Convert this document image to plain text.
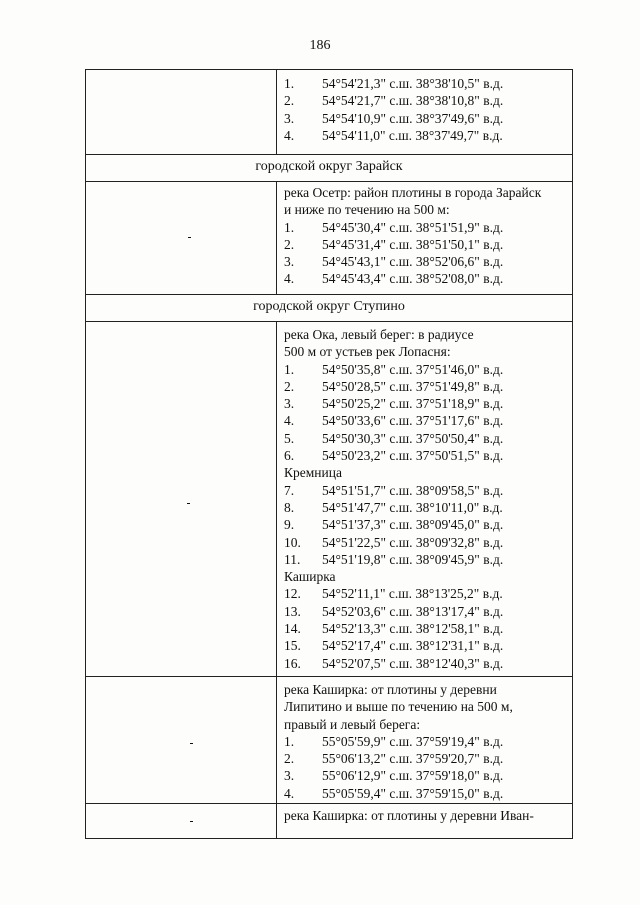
186
городской округ Зарайск
городской округ Ступино
1. 54°54'21,3" с.ш. 38°38'10,5" в.д.
2. 54°54'21,7" с.ш. 38°38'10,8" в.д.
3. 54°54'10,9" с.ш. 38°37'49,6" в.д.
4. 54°54'11,0" с.ш. 38°37'49,7" в.д.
река Осетр: район плотины в города Зарайск
и ниже по течению на 500 м:
1. 54°45'30,4" с.ш. 38°51'51,9" в.д.
2. 54°45'31,4" с.ш. 38°51'50,1" в.д.
3. 54°45'43,1" с.ш. 38°52'06,6" в.д.
4. 54°45'43,4" с.ш. 38°52'08,0" в.д.
река Ока, левый берег: в радиусе
500 м от устьев рек Лопасня:
1. 54°50'35,8" с.ш. 37°51'46,0" в.д.
2. 54°50'28,5" с.ш. 37°51'49,8" в.д.
3. 54°50'25,2" с.ш. 37°51'18,9" в.д.
4. 54°50'33,6" с.ш. 37°51'17,6" в.д.
5. 54°50'30,3" с.ш. 37°50'50,4" в.д.
6. 54°50'23,2" с.ш. 37°50'51,5" в.д.
Кремница
7. 54°51'51,7" с.ш. 38°09'58,5" в.д.
8. 54°51'47,7" с.ш. 38°10'11,0" в.д.
9. 54°51'37,3" с.ш. 38°09'45,0" в.д.
10. 54°51'22,5" с.ш. 38°09'32,8" в.д.
11. 54°51'19,8" с.ш. 38°09'45,9" в.д.
Каширка
12. 54°52'11,1" с.ш. 38°13'25,2" в.д.
13. 54°52'03,6" с.ш. 38°13'17,4" в.д.
14. 54°52'13,3" с.ш. 38°12'58,1" в.д.
15. 54°52'17,4" с.ш. 38°12'31,1" в.д.
16. 54°52'07,5" с.ш. 38°12'40,3" в.д.
река Каширка: от плотины у деревни
Липитино и выше по течению на 500 м,
правый и левый берега:
1. 55°05'59,9" с.ш. 37°59'19,4" в.д.
2. 55°06'13,2" с.ш. 37°59'20,7" в.д.
3. 55°06'12,9" с.ш. 37°59'18,0" в.д.
4. 55°05'59,4" с.ш. 37°59'15,0" в.д.
река Каширка: от плотины у деревни Иван-
